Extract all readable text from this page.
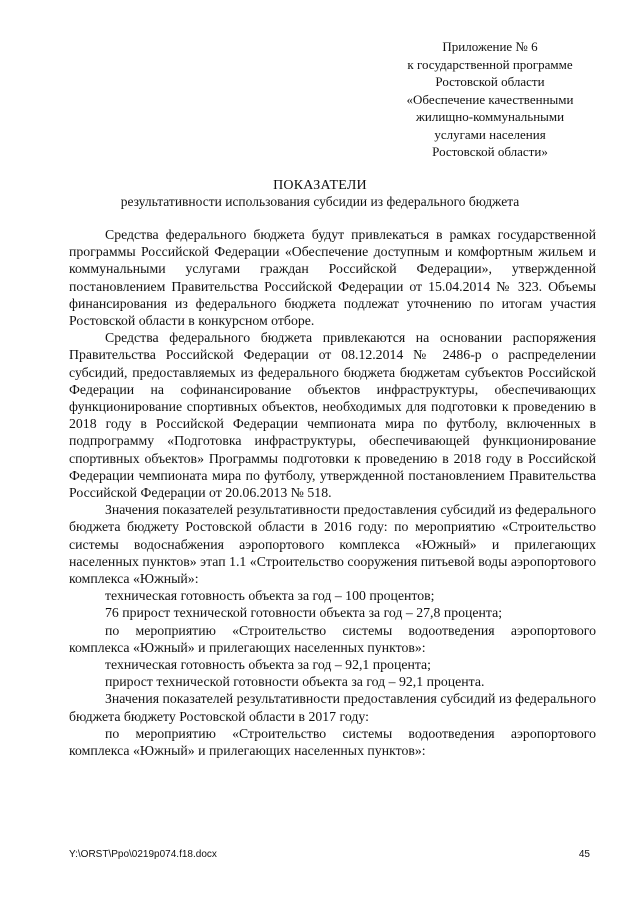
Приложение № 6
к государственной программе
Ростовской области
«Обеспечение качественными
жилищно-коммунальными
услугами населения
Ростовской области»
ПОКАЗАТЕЛИ
результативности использования субсидии из федерального бюджета

Средства федерального бюджета будут привлекаться в рамках государственной программы Российской Федерации «Обеспечение доступным и комфортным жильем и коммунальными услугами граждан Российской Федерации», утвержденной постановлением Правительства Российской Федерации от 15.04.2014 № 323. Объемы финансирования из федерального бюджета подлежат уточнению по итогам участия Ростовской области в конкурсном отборе.

Средства федерального бюджета привлекаются на основании распоряжения Правительства Российской Федерации от 08.12.2014 № 2486-р о распределении субсидий, предоставляемых из федерального бюджета бюджетам субъектов Российской Федерации на софинансирование объектов инфраструктуры, обеспечивающих функционирование спортивных объектов, необходимых для подготовки к проведению в 2018 году в Российской Федерации чемпионата мира по футболу, включенных в подпрограмму «Подготовка инфраструктуры, обеспечивающей функционирование спортивных объектов» Программы подготовки к проведению в 2018 году в Российской Федерации чемпионата мира по футболу, утвержденной постановлением Правительства Российской Федерации от 20.06.2013 № 518.

Значения показателей результативности предоставления субсидий из федерального бюджета бюджету Ростовской области в 2016 году: по мероприятию «Строительство системы водоснабжения аэропортового комплекса «Южный» и прилегающих населенных пунктов» этап 1.1 «Строительство сооружения питьевой воды аэропортового комплекса «Южный»:

техническая готовность объекта за год – 100 процентов;

76 прирост технической готовности объекта за год – 27,8 процента;

по мероприятию «Строительство системы водоотведения аэропортового комплекса «Южный» и прилегающих населенных пунктов»:

техническая готовность объекта за год – 92,1 процента;

прирост технической готовности объекта за год – 92,1 процента.

Значения показателей результативности предоставления субсидий из федерального бюджета бюджету Ростовской области в 2017 году:

по мероприятию «Строительство системы водоотведения аэропортового комплекса «Южный» и прилегающих населенных пунктов»:

Y:\ORST\Ppo\0219p074.f18.docx	45
